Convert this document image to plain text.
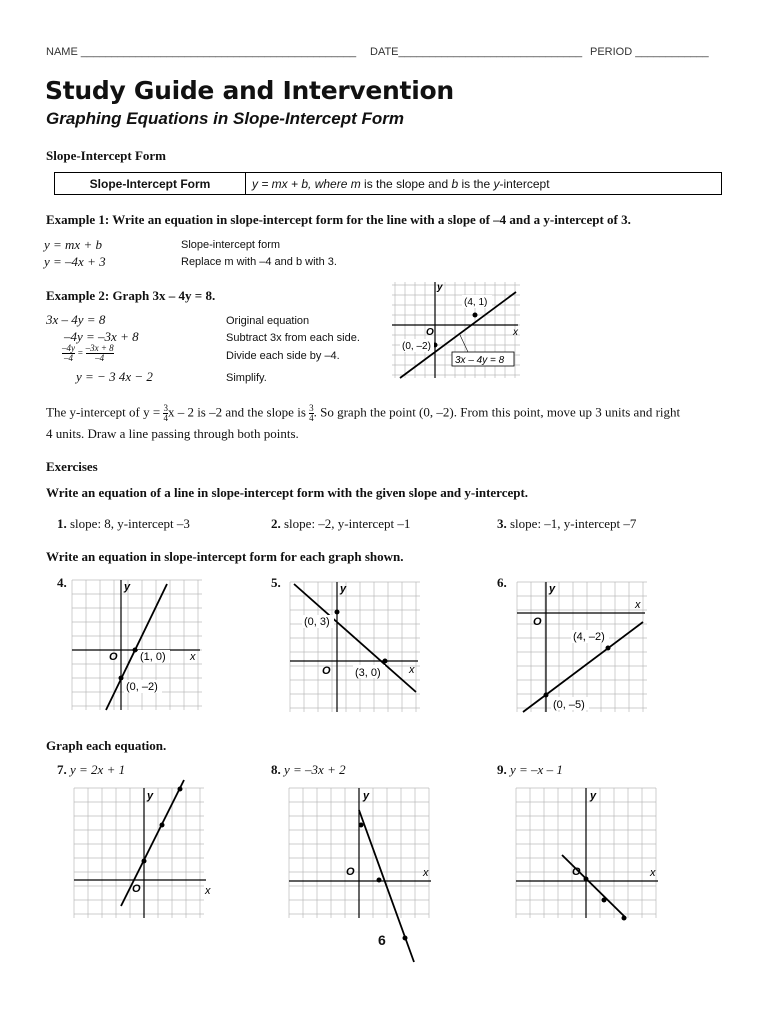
NAME _____________________________________________ DATE______________________________ PERIOD ____________
Study Guide and Intervention
Graphing Equations in Slope-Intercept Form
Slope-Intercept Form
Slope-Intercept Form	y = mx + b, where m is the slope and b is the y-intercept
Example 1: Write an equation in slope-intercept form for the line with a slope of –4 and a y-intercept of 3.
y = mx + b	Slope-intercept form
y = –4x + 3	Replace m with –4 and b with 3.
Example 2: Graph 3x – 4y = 8.
3x – 4y = 8	Original equation
–4y = –3x + 8	Subtract 3x from each side.
$\frac{-4y}{-4} = \frac{-3x + 8}{-4}$	Divide each side by –4.
y = − 3 4x − 2	Simplify.
y
x
O
(4, 1)
(0, –2)
3x – 4y = 8
The y-intercept of $y = \frac{3}{4}$ x – 2 is –2 and the slope is $\frac{3}{4}$ . So graph the point (0, –2). From this point, move up 3 units and right
4 units. Draw a line passing through both points.
Exercises
Write an equation of a line in slope-intercept form with the given slope and y-intercept.
1. slope: 8, y-intercept –3	2. slope: –2, y-intercept –1	3. slope: –1, y-intercept –7
Write an equation in slope-intercept form for each graph shown.
4.	5.	6.
y
x
O (1, 0)
(0, –2)
y
x
O
(0, 3)
(3, 0)
y
x
O
(4, –2)
(0, –5)
Graph each equation.
7. y = 2x + 1	8. y = –3x + 2	9. y = –x – 1
y
x
O
y
x
O
y
x
O
6
